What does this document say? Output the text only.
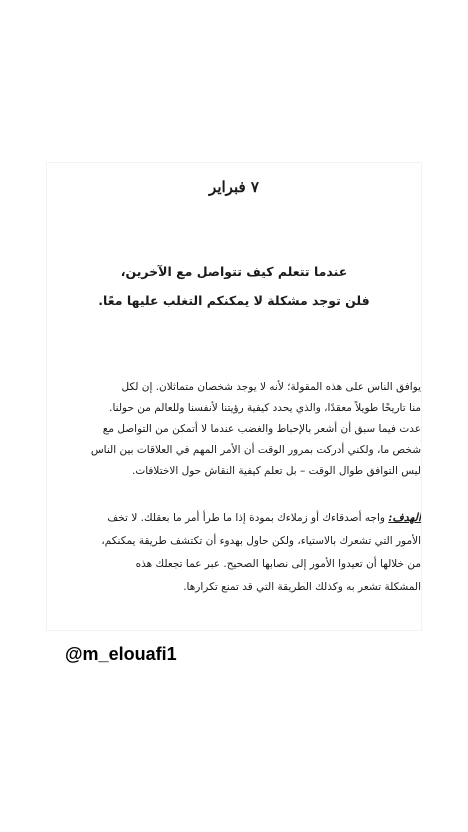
٧ فبراير
عندما تتعلم كيف تتواصل مع الآخرين،
فلن توجد مشكلة لا يمكنكم التغلب عليها معًا.
يوافق الناس على هذه المقولة؛ لأنه لا يوجد شخصان متماثلان. إن لكل
منا تاريخًا طويلاً معقدًا، والذي يحدد كيفية رؤيتنا لأنفسنا وللعالم من حولنا.
عدت فيما سبق أن أشعر بالإحباط والغضب عندما لا أتمكن من التواصل مع
شخص ما، ولكني أدركت بمرور الوقت أن الأمر المهم في العلاقات بين الناس
ليس التوافق طوال الوقت – بل تعلم كيفية النقاش حول الاختلافات.
الهدف: واجه أصدقاءك أو زملاءك بمودة إذا ما طرأ أمر ما بعقلك. لا تخف
الأمور التي تشعرك بالاستياء، ولكن حاول بهدوء أن تكتشف طريقة يمكنكم،
من خلالها أن تعيدوا الأمور إلى نصابها الصحيح. عبر عما تجعلك هذه
المشكلة تشعر به وكذلك الطريقة التي قد تمنع تكرارها.
@m_elouafi1
